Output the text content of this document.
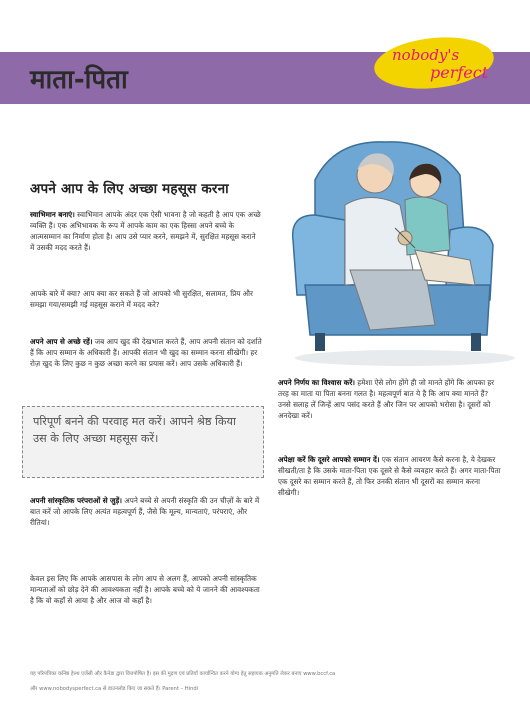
माता-पिता
nobody's
perfect
अपने आप के लिए अच्छा महसूस करना
स्वाभिमान बनाएं। स्वाभिमान आपके अंदर एक ऐसी भावना है जो कहती है आप एक अच्छे व्यक्ति हैं। एक अभिभावक के रूप में आपके काम का एक हिस्सा अपने बच्चे के आत्मसम्मान का निर्माण होता है। आप उसे प्यार करने, समझने में, सुरक्षित महसूस कराने में उसकी मदद करते हैं।
आपके बारे में क्या? आप क्या कर सकते हैं जो आपको भी सुरक्षित, सलामत, प्रिय और समझा गया/समझी गई महसूस कराने में मदद करे?
अपने आप से अच्छे रहें। जब आप खुद की देखभाल करते हैं, आप अपनी संतान को दर्शाते हैं कि आप सम्मान के अधिकारी हैं। आपकी संतान भी खुद का सम्मान करना सीखेगी। हर रोज़ खुद के लिए कुछ न कुछ अच्छा करने का प्रयास करें। आप उसके अधिकारी हैं।
परिपूर्ण बनने की परवाह मत करें। आपने श्रेष्ठ किया उस के लिए अच्छा महसूस करें।
अपनी सांस्कृतिक परंपराओं से जुड़ें। अपने बच्चे से अपनी संस्कृति की उन चीज़ों के बारे में बात करें जो आपके लिए अत्यंत महत्वपूर्ण हैं, जैसे कि मूल्य, मान्यताएं, परंपराएं, और रीतियां।
केवल इस लिए कि आपके आसपास के लोग आप से अलग हैं, आपको अपनी सांस्कृतिक मान्यताओं को छोड़ देने की आवश्यकता नहीं है। आपके बच्चे को ये जानने की आवश्यकता है कि वो कहाँ से आया है और आज वो कहाँ है।
अपने निर्णय का विश्वास करें। हमेशा ऐसे लोग होंगे ही जो मानते होंगे कि आपका हर तरह का माता या पिता बनना गलत है। महत्वपूर्ण बात ये है कि आप क्या मानते हैं? उनसे सलाह लें जिन्हें आप पसंद करते हैं और जिन पर आपको भरोसा है। दूसरों को अनदेखा करें।
अपेक्षा करें कि दूसरे आपको सम्मान दें। एक संतान आचरण कैसे करना है, ये देखकर सीखती/ता है कि उसके माता-पिता एक दूसरे से कैसे व्यवहार करते हैं। अगर माता-पिता एक दूसरे का सम्मान करते हैं, तो फिर उनकी संतान भी दूसरों का सम्मान करना सीखेगी।
यह परिपत्रिका कनिष्ठ हेल्थ एजेंसी और कैनेडा द्वारा वित्तपोषित है। इस की मुद्रण एवं प्रतियाँ कार्यान्वित करने योग्य हेतु सहायक अनुमति लेकर बनाए www.bccf.ca
और www.nobodysperfect.ca से डाउनलोड किए जा सकते हैं। Parent – Hindi
